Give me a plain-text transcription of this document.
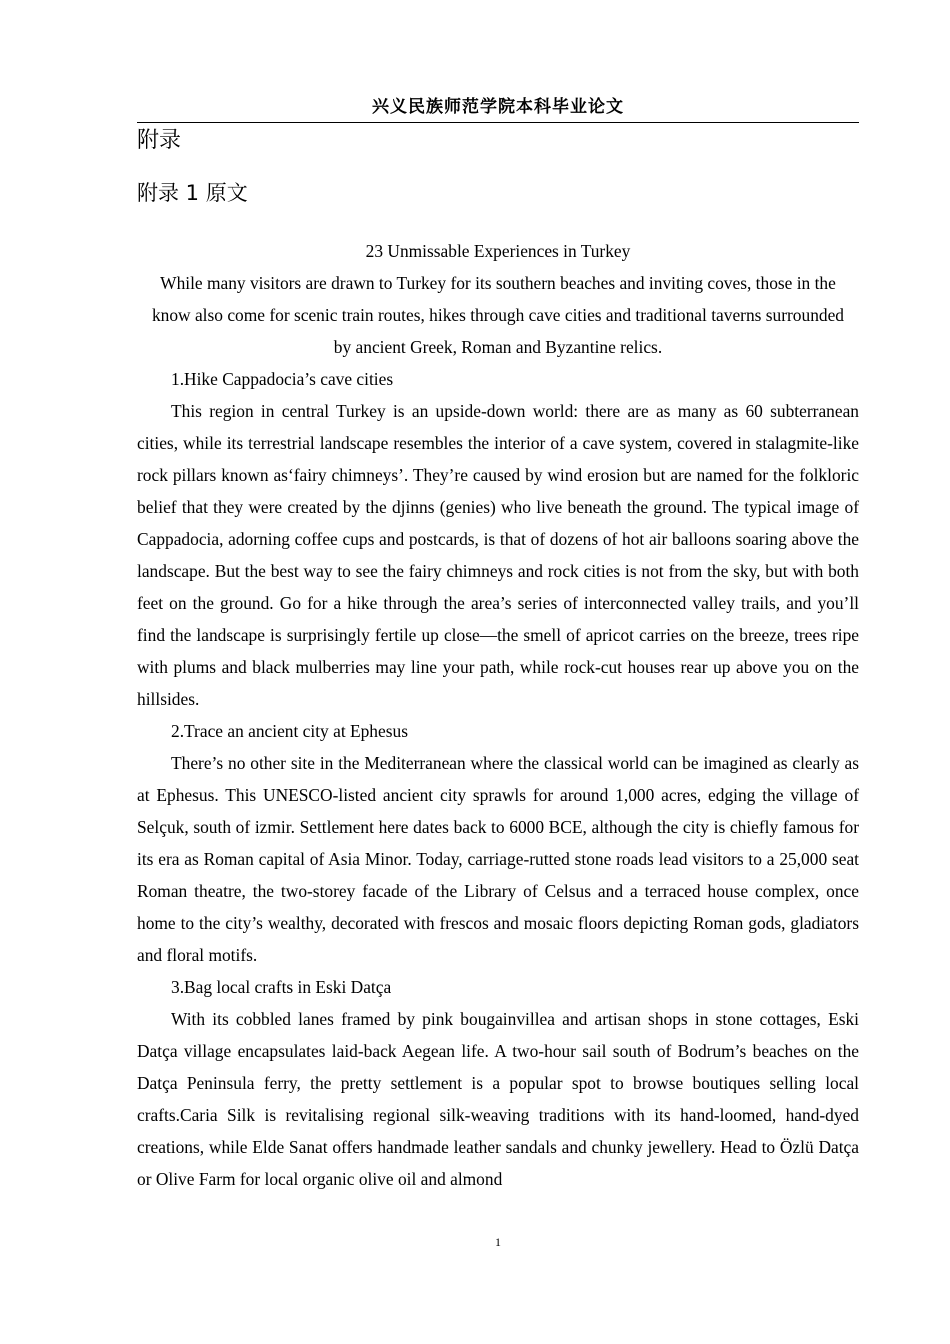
兴义民族师范学院本科毕业论文
附录
附录 1 原文

23 Unmissable Experiences in Turkey

While many visitors are drawn to Turkey for its southern beaches and inviting coves, those in the know also come for scenic train routes, hikes through cave cities and traditional taverns surrounded by ancient Greek, Roman and Byzantine relics.

1.Hike Cappadocia’s cave cities

This region in central Turkey is an upside-down world: there are as many as 60 subterranean cities, while its terrestrial landscape resembles the interior of a cave system, covered in stalagmite-like rock pillars known as‘fairy chimneys’. They’re caused by wind erosion but are named for the folkloric belief that they were created by the djinns (genies) who live beneath the ground. The typical image of Cappadocia, adorning coffee cups and postcards, is that of dozens of hot air balloons soaring above the landscape. But the best way to see the fairy chimneys and rock cities is not from the sky, but with both feet on the ground. Go for a hike through the area’s series of interconnected valley trails, and you’ll find the landscape is surprisingly fertile up close—the smell of apricot carries on the breeze, trees ripe with plums and black mulberries may line your path, while rock-cut houses rear up above you on the hillsides.

2.Trace an ancient city at Ephesus

There’s no other site in the Mediterranean where the classical world can be imagined as clearly as at Ephesus. This UNESCO-listed ancient city sprawls for around 1,000 acres, edging the village of Selçuk, south of izmir. Settlement here dates back to 6000 BCE, although the city is chiefly famous for its era as Roman capital of Asia Minor. Today, carriage-rutted stone roads lead visitors to a 25,000 seat Roman theatre, the two-storey facade of the Library of Celsus and a terraced house complex, once home to the city’s wealthy, decorated with frescos and mosaic floors depicting Roman gods, gladiators and floral motifs.

3.Bag local crafts in Eski Datça

With its cobbled lanes framed by pink bougainvillea and artisan shops in stone cottages, Eski Datça village encapsulates laid-back Aegean life. A two-hour sail south of Bodrum’s beaches on the Datça Peninsula ferry, the pretty settlement is a popular spot to browse boutiques selling local crafts.Caria Silk is revitalising regional silk-weaving traditions with its hand-loomed, hand-dyed creations, while Elde Sanat offers handmade leather sandals and chunky jewellery. Head to Özlü Datça or Olive Farm for local organic olive oil and almond

1
